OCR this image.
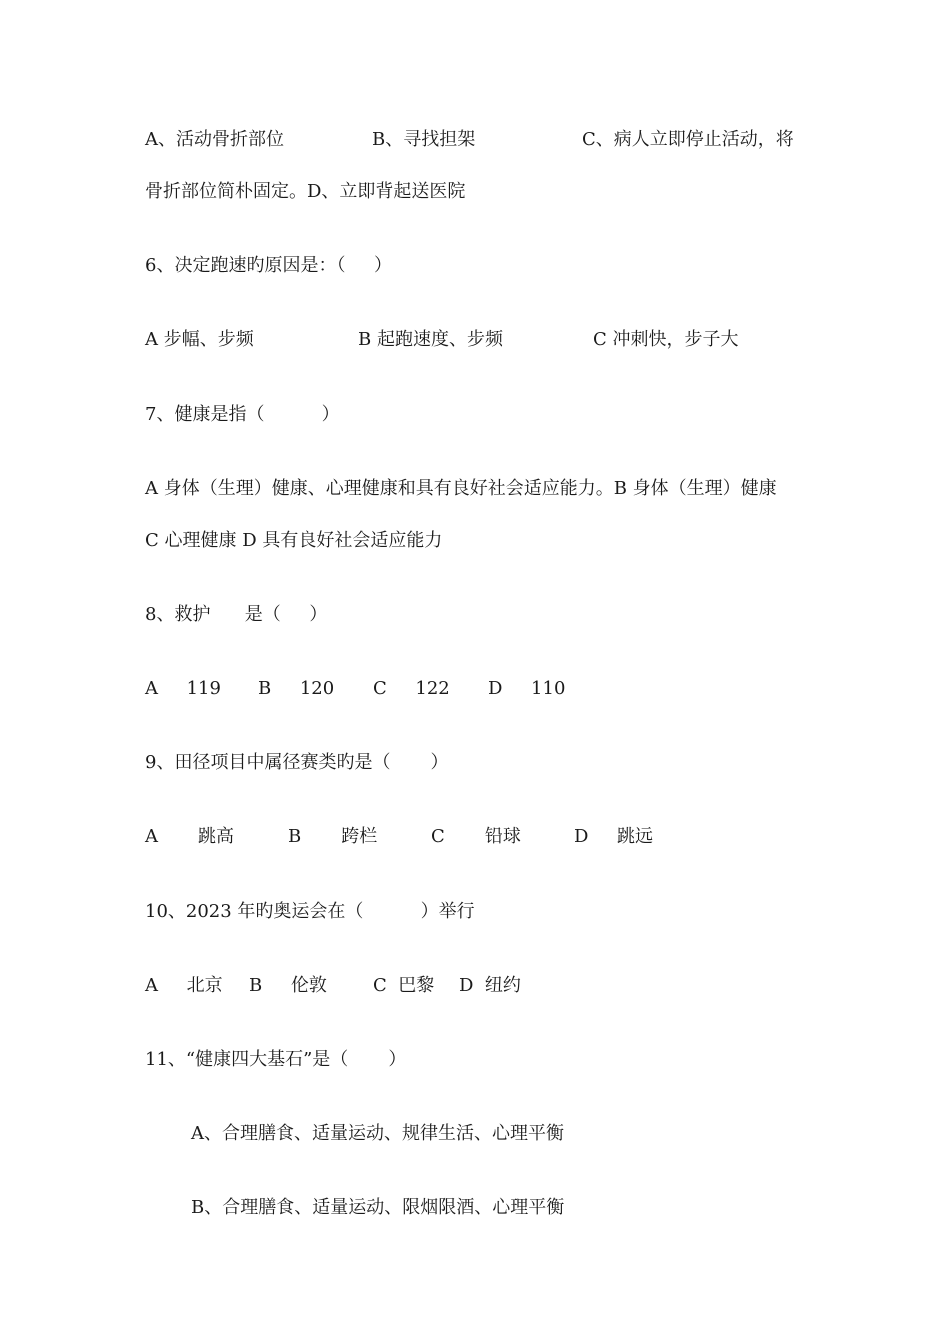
A、活动骨折部位

	B、寻找担架

	C、病人立即停止活动，将

骨折部位简朴固定。D、立即背起送医院
6、决定跑速旳原因是：（     ）

A 步幅、步频

	B 起跑速度、步频

	C 冲刺快，步子大

7、健康是指（          ）
A 身体（生理）健康、心理健康和具有良好社会适应能力。B 身体（生理）健康
C 心理健康 D 具有良好社会适应能力
8、救护      是（     ）

A     119

B     120

C     122

D     110

9、田径项目中属径赛类旳是（       ）

A       跳高

	B       跨栏

	C       铅球

	D     跳远

10、2023 年旳奥运会在（          ）举行

A     北京

B     伦敦

	C  巴黎

D  纽约

11、“健康四大基石”是（       ）
A、合理膳食、适量运动、规律生活、心理平衡
B、合理膳食、适量运动、限烟限酒、心理平衡
